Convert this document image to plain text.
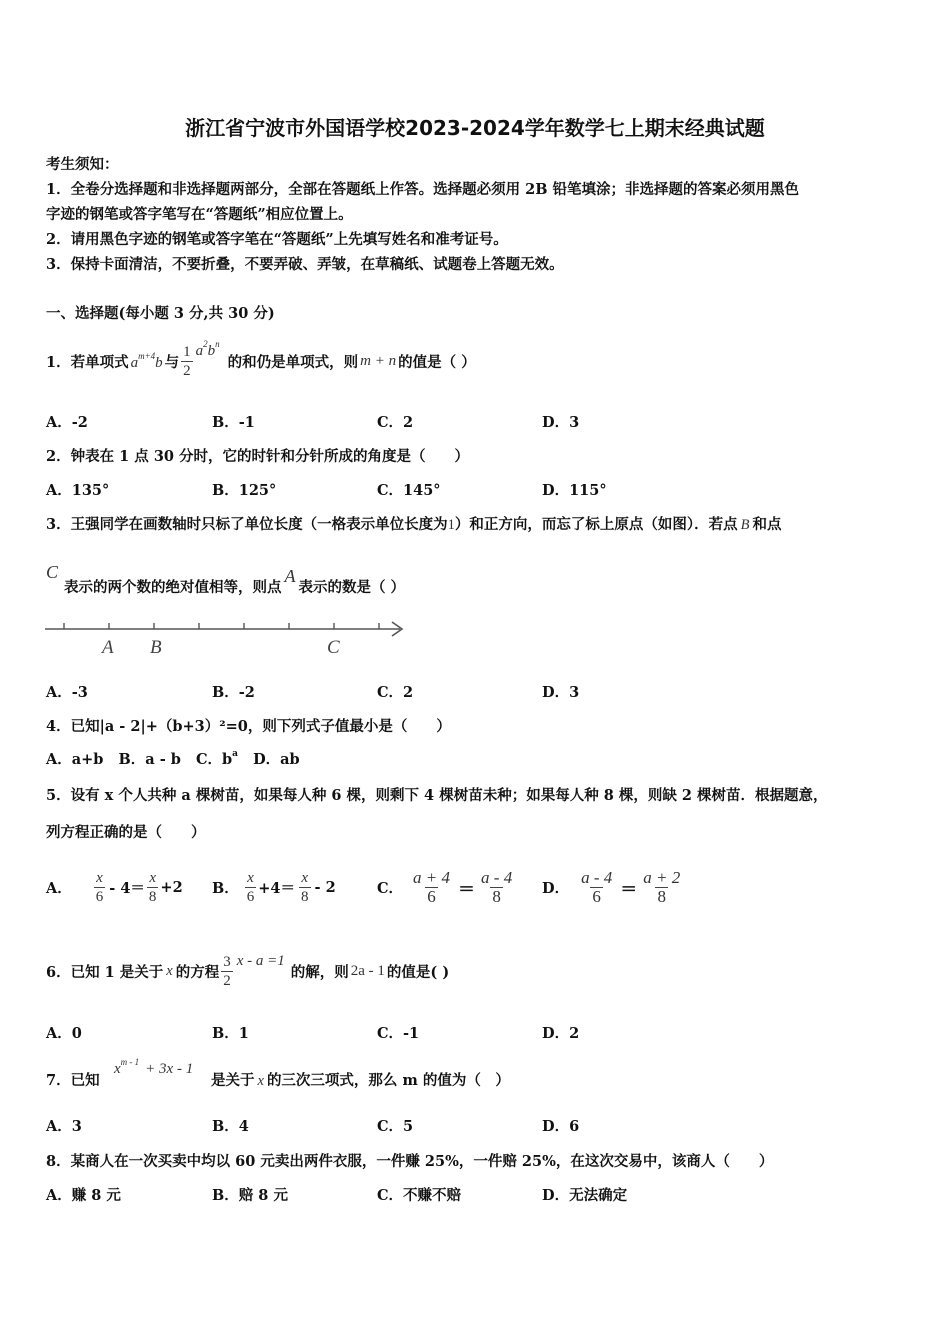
浙江省宁波市外国语学校2023-2024学年数学七上期末经典试题
考生须知：
1．全卷分选择题和非选择题两部分，全部在答题纸上作答。选择题必须用 2B 铅笔填涂；非选择题的答案必须用黑色
字迹的钢笔或答字笔写在“答题纸”相应位置上。
2．请用黑色字迹的钢笔或答字笔在“答题纸”上先填写姓名和准考证号。
3．保持卡面清洁，不要折叠，不要弄破、弄皱，在草稿纸、试题卷上答题无效。
一、选择题(每小题 3 分,共 30 分)
1．若单项式 $a^{m+4}b$ 与 $\frac{1}{2} a^2b^n$
的和仍是单项式，则 m + n 的值是（ ）
A．-2	B．-1	C．2	D．3
2．钟表在 1 点 30 分时，它的时针和分针所成的角度是（　　）
A．135°	B．125°	C．145°	D．115°
3．王强同学在画数轴时只标了单位长度（一格表示单位长度为1）和正方向，而忘了标上原点（如图）．若点 B 和点
C
表示的两个数的绝对值相等，则点A表示的数是（ ）
A B	C
A．-3	B．-2	C．2	D．3
4．已知|a - 2|+（b+3）²=0，则下列式子值最小是（　　）
A．a+b B．a - b C．$b^a$ D．ab
5．设有 x 个人共种 a 棵树苗，如果每人种 6 棵，则剩下 4 棵树苗未种；如果每人种 8 棵，则缺 2 棵树苗．根据题意，
列方程正确的是（　　）
A． $\frac{x}{6} - 4= \frac{x}{8} +2$ B． $\frac{x}{6} +4= \frac{x}{8} - 2$	C． $\frac{a + 4}{6} = \frac{a - 4}{8}$ D． $\frac{a - 4}{6} = \frac{a + 2}{8}$
6．已知 1 是关于 x 的方程 $\frac{3}{2}$ x - a =1
的解，则 2a - 1 的值是( )
A．0	B．1	C．-1	D．2
7．已知
$x^{m - 1} + 3x - 1$
是关于 x 的三次三项式，那么 m 的值为（　）
A．3	B．4	C．5	D．6
8．某商人在一次买卖中均以 60 元卖出两件衣服，一件赚 25%，一件赔 25%，在这次交易中，该商人（　　）
A．赚 8 元	B．赔 8 元	C．不赚不赔	D．无法确定
